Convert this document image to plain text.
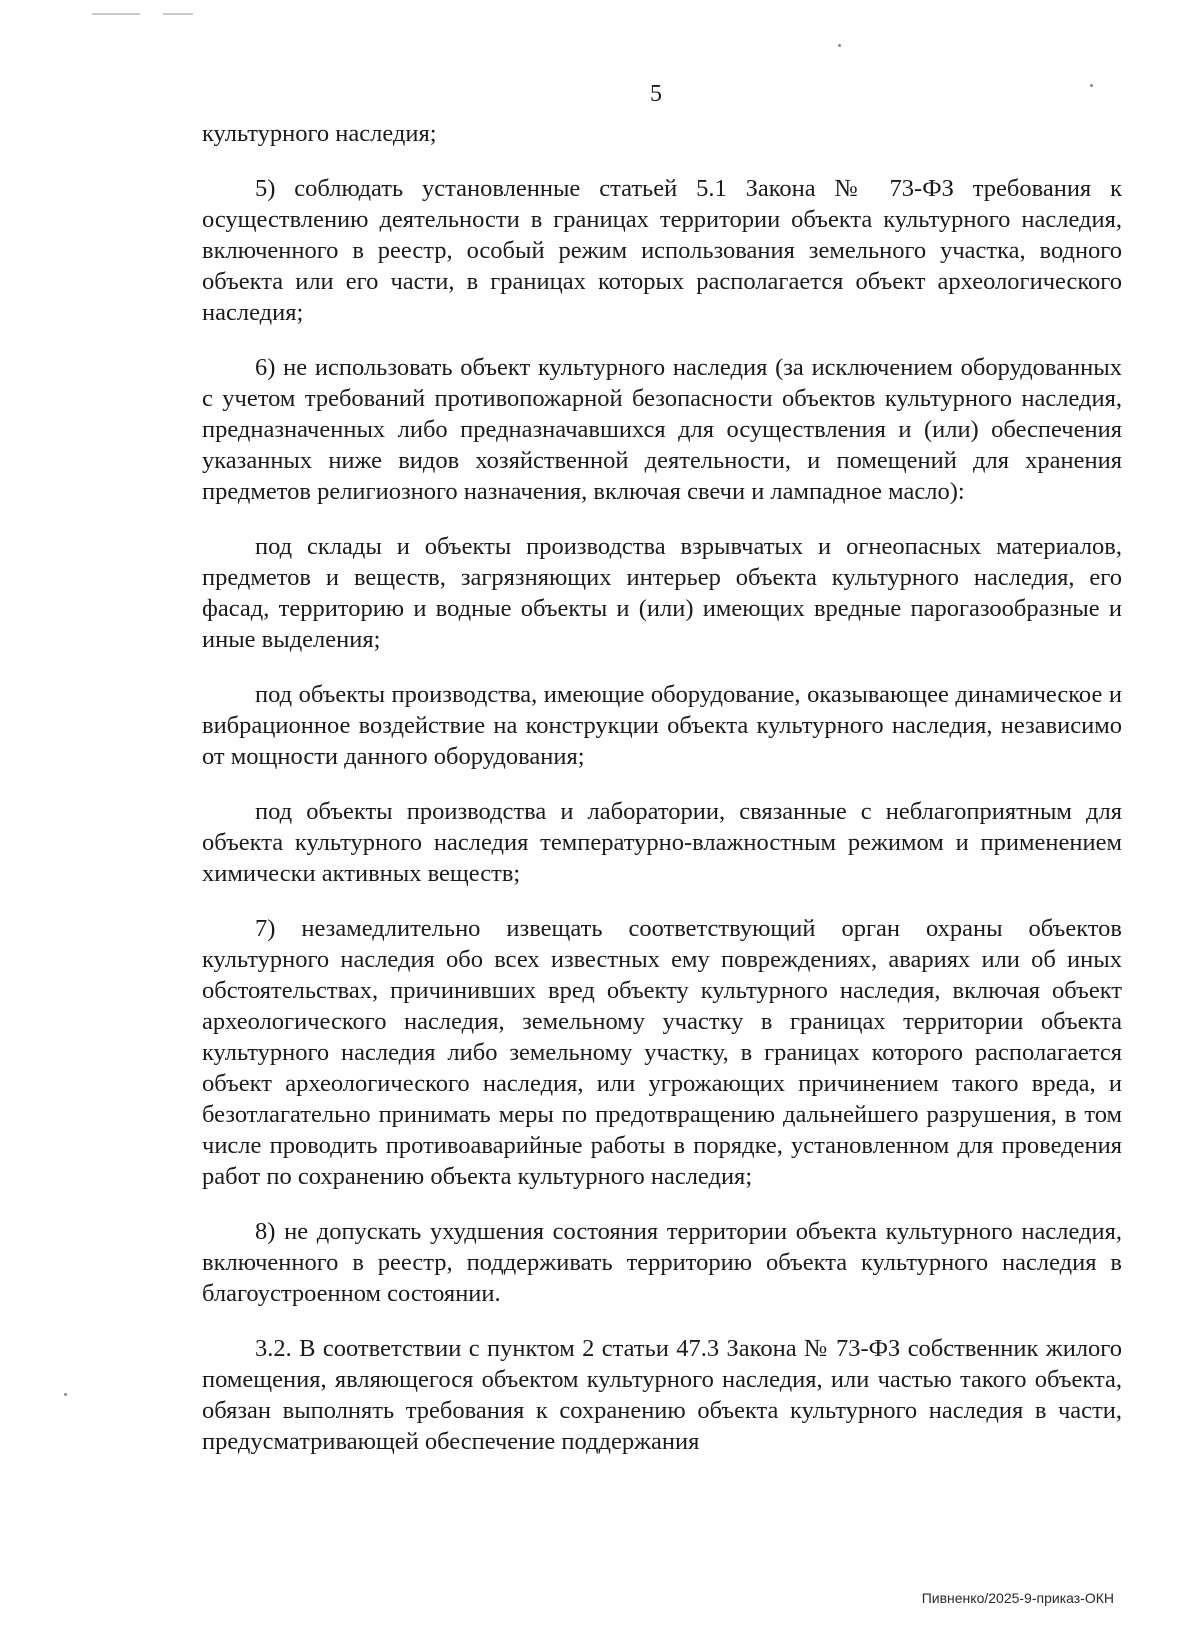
5

культурного наследия;

5) соблюдать установленные статьей 5.1 Закона № 73-ФЗ требования к осуществлению деятельности в границах территории объекта культурного наследия, включенного в реестр, особый режим использования земельного участка, водного объекта или его части, в границах которых располагается объект археологического наследия;

6) не использовать объект культурного наследия (за исключением оборудованных с учетом требований противопожарной безопасности объектов культурного наследия, предназначенных либо предназначавшихся для осуществления и (или) обеспечения указанных ниже видов хозяйственной деятельности, и помещений для хранения предметов религиозного назначения, включая свечи и лампадное масло):

под склады и объекты производства взрывчатых и огнеопасных материалов, предметов и веществ, загрязняющих интерьер объекта культурного наследия, его фасад, территорию и водные объекты и (или) имеющих вредные парогазообразные и иные выделения;

под объекты производства, имеющие оборудование, оказывающее динамическое и вибрационное воздействие на конструкции объекта культурного наследия, независимо от мощности данного оборудования;

под объекты производства и лаборатории, связанные с неблагоприятным для объекта культурного наследия температурно-влажностным режимом и применением химически активных веществ;

7) незамедлительно извещать соответствующий орган охраны объектов культурного наследия обо всех известных ему повреждениях, авариях или об иных обстоятельствах, причинивших вред объекту культурного наследия, включая объект археологического наследия, земельному участку в границах территории объекта культурного наследия либо земельному участку, в границах которого располагается объект археологического наследия, или угрожающих причинением такого вреда, и безотлагательно принимать меры по предотвращению дальнейшего разрушения, в том числе проводить противоаварийные работы в порядке, установленном для проведения работ по сохранению объекта культурного наследия;

8) не допускать ухудшения состояния территории объекта культурного наследия, включенного в реестр, поддерживать территорию объекта культурного наследия в благоустроенном состоянии.

3.2. В соответствии с пунктом 2 статьи 47.3 Закона № 73-ФЗ собственник жилого помещения, являющегося объектом культурного наследия, или частью такого объекта, обязан выполнять требования к сохранению объекта культурного наследия в части, предусматривающей обеспечение поддержания

Пивненко/2025-9-приказ-ОКН
